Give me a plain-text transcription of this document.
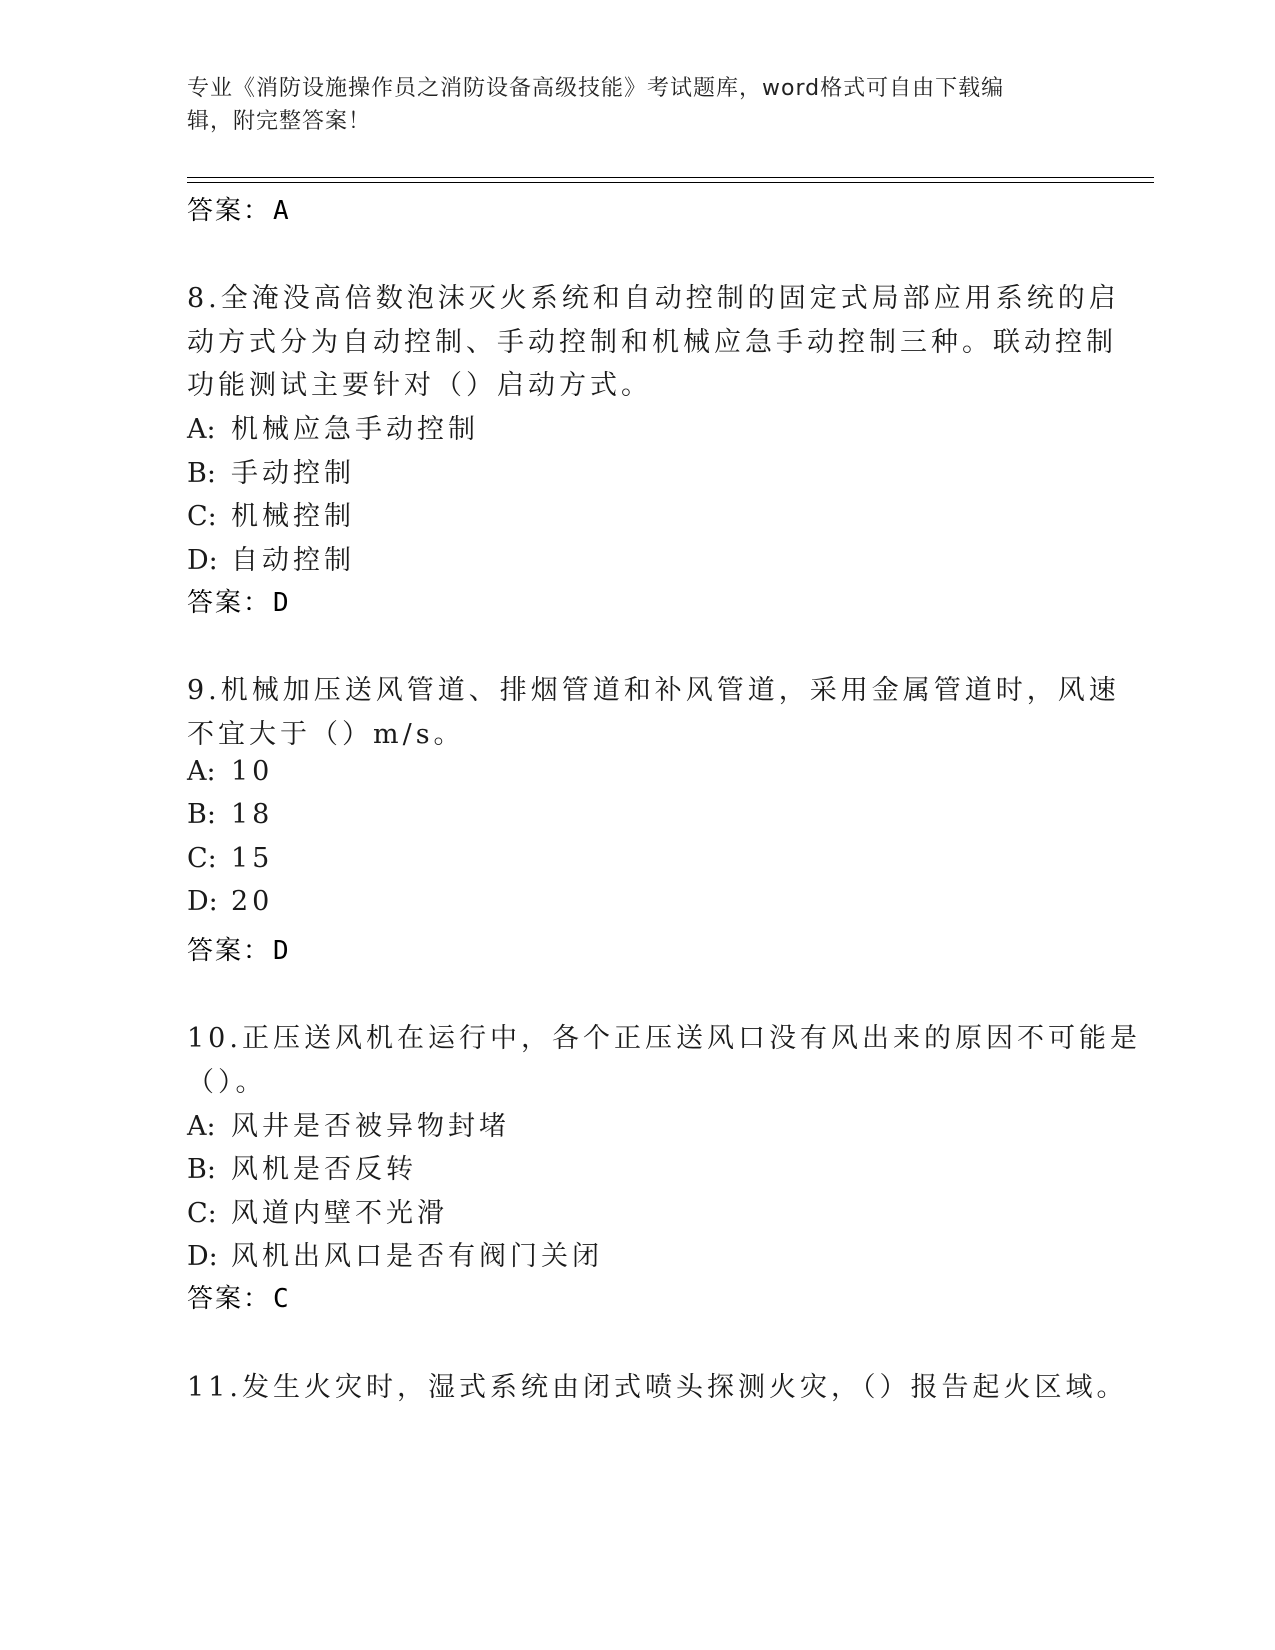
专业《消防设施操作员之消防设备高级技能》考试题库，word格式可自由下载编
辑，附完整答案！
答案：A
8.全淹没高倍数泡沫灭火系统和自动控制的固定式局部应用系统的启
动方式分为自动控制、手动控制和机械应急手动控制三种。联动控制
功能测试主要针对（）启动方式。
A: 机械应急手动控制
B: 手动控制
C: 机械控制
D: 自动控制
答案：D
9.机械加压送风管道、排烟管道和补风管道，采用金属管道时，风速
不宜大于（）m/s。
A: 10
B: 18
C: 15
D: 20
答案：D
10.正压送风机在运行中，各个正压送风口没有风出来的原因不可能是
（）。
A: 风井是否被异物封堵
B: 风机是否反转
C: 风道内壁不光滑
D: 风机出风口是否有阀门关闭
答案：C
11.发生火灾时，湿式系统由闭式喷头探测火灾，（）报告起火区域。
